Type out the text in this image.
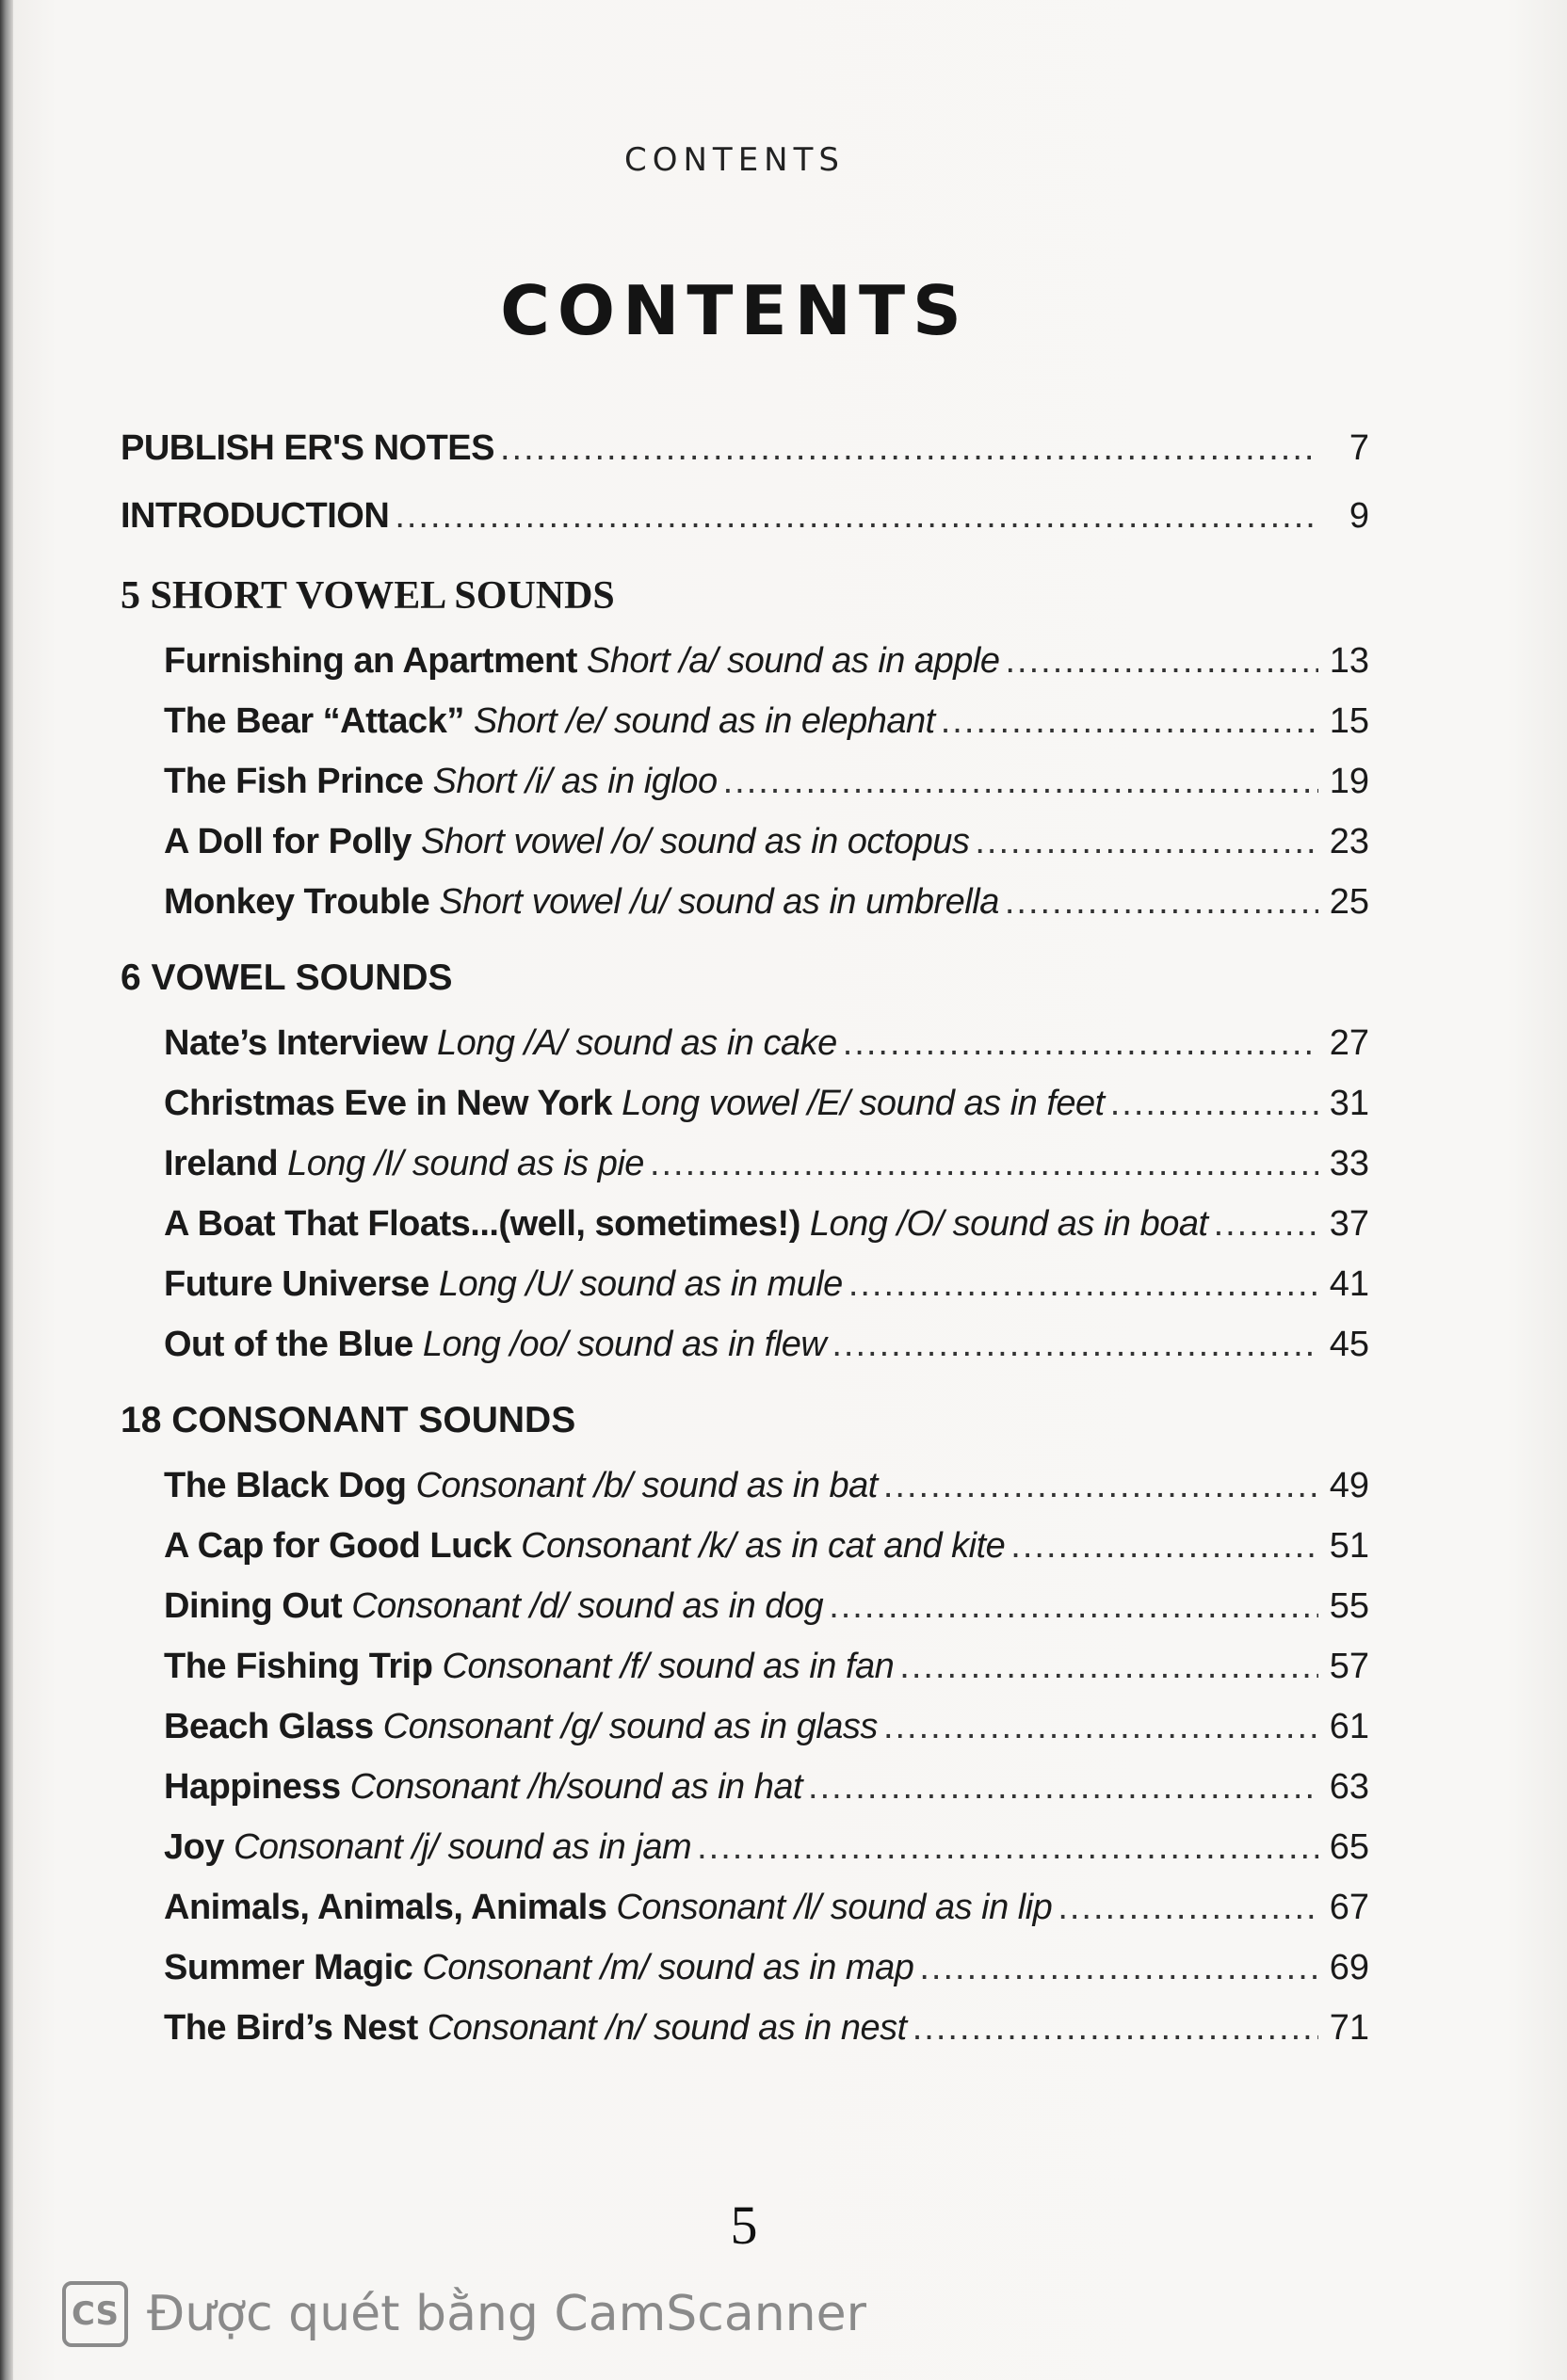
CONTENTS
CONTENTS
PUBLISH ER'S NOTES .....	7
INTRODUCTION .....	9
5 SHORT VOWEL SOUNDS
Furnishing an Apartment Short /a/ sound as in apple .....	13
The Bear “Attack” Short /e/ sound as in elephant .....	15
The Fish Prince Short /i/ as in igloo .....	19
A Doll for Polly Short vowel /o/ sound as in octopus .....	23
Monkey Trouble Short vowel /u/ sound as in umbrella .....	25
6 VOWEL SOUNDS
Nate’s Interview Long /A/ sound as in cake .....	27
Christmas Eve in New York Long vowel /E/ sound as in feet .....	31
Ireland Long /I/ sound as is pie .....	33
A Boat That Floats...(well, sometimes!) Long /O/ sound as in boat .....	37
Future Universe Long /U/ sound as in mule .....	41
Out of the Blue Long /oo/ sound as in flew .....	45
18 CONSONANT SOUNDS
The Black Dog Consonant /b/ sound as in bat .....	49
A Cap for Good Luck Consonant /k/ as in cat and kite .....	51
Dining Out Consonant /d/ sound as in dog .....	55
The Fishing Trip Consonant /f/ sound as in fan .....	57
Beach Glass Consonant /g/ sound as in glass .....	61
Happiness Consonant /h/sound as in hat .....	63
Joy Consonant /j/ sound as in jam .....	65
Animals, Animals, Animals Consonant /l/ sound as in lip .....	67
Summer Magic Consonant /m/ sound as in map .....	69
The Bird’s Nest Consonant /n/ sound as in nest .....	71
5
CS Được quét bằng CamScanner
